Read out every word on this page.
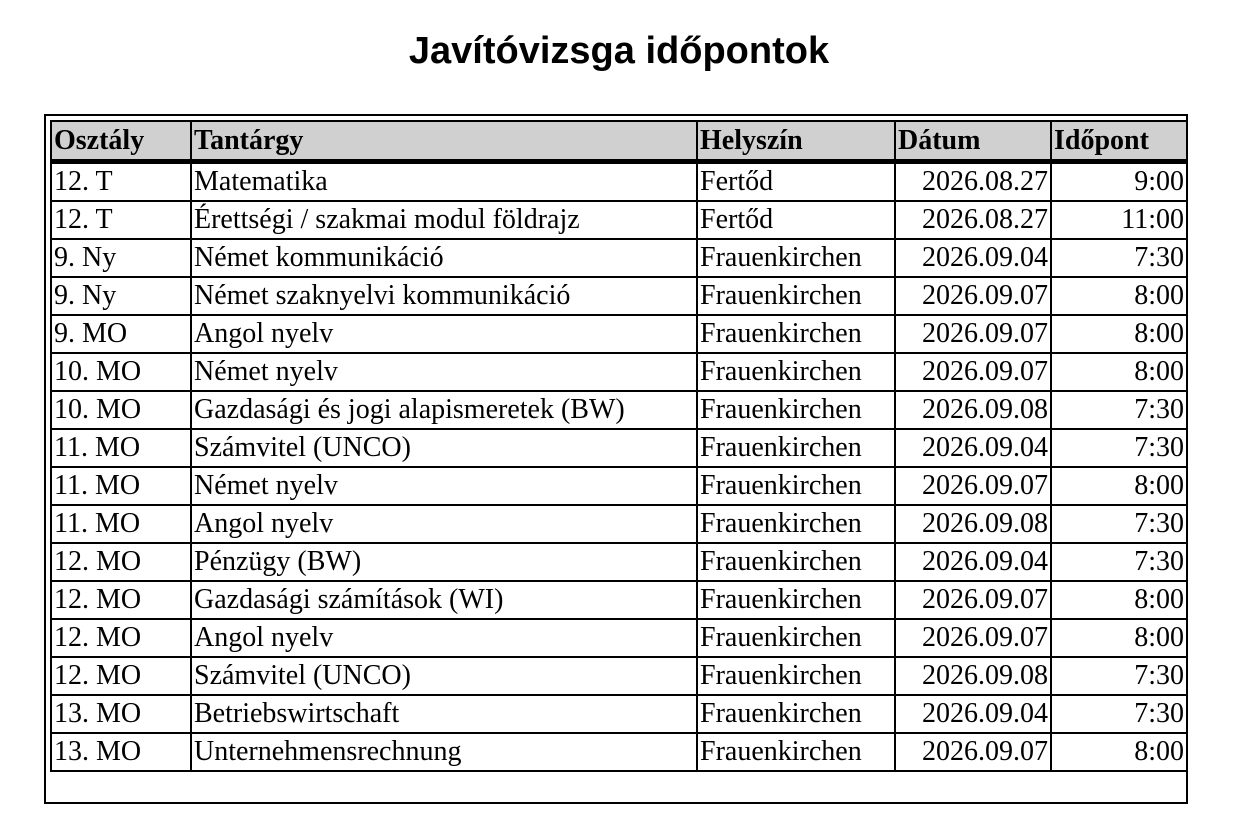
Javítóvizsga időpontok
Osztály	Tantárgy	Helyszín	Dátum	Időpont
12. T	Matematika	Fertőd	2026.08.27	9:00
12. T	Érettségi / szakmai modul földrajz	Fertőd	2026.08.27	11:00
9. Ny	Német kommunikáció	Frauenkirchen	2026.09.04	7:30
9. Ny	Német szaknyelvi kommunikáció	Frauenkirchen	2026.09.07	8:00
9. MO	Angol nyelv	Frauenkirchen	2026.09.07	8:00
10. MO	Német nyelv	Frauenkirchen	2026.09.07	8:00
10. MO	Gazdasági és jogi alapismeretek (BW)	Frauenkirchen	2026.09.08	7:30
11. MO	Számvitel (UNCO)	Frauenkirchen	2026.09.04	7:30
11. MO	Német nyelv	Frauenkirchen	2026.09.07	8:00
11. MO	Angol nyelv	Frauenkirchen	2026.09.08	7:30
12. MO	Pénzügy (BW)	Frauenkirchen	2026.09.04	7:30
12. MO	Gazdasági számítások (WI)	Frauenkirchen	2026.09.07	8:00
12. MO	Angol nyelv	Frauenkirchen	2026.09.07	8:00
12. MO	Számvitel (UNCO)	Frauenkirchen	2026.09.08	7:30
13. MO	Betriebswirtschaft	Frauenkirchen	2026.09.04	7:30
13. MO	Unternehmensrechnung	Frauenkirchen	2026.09.07	8:00
